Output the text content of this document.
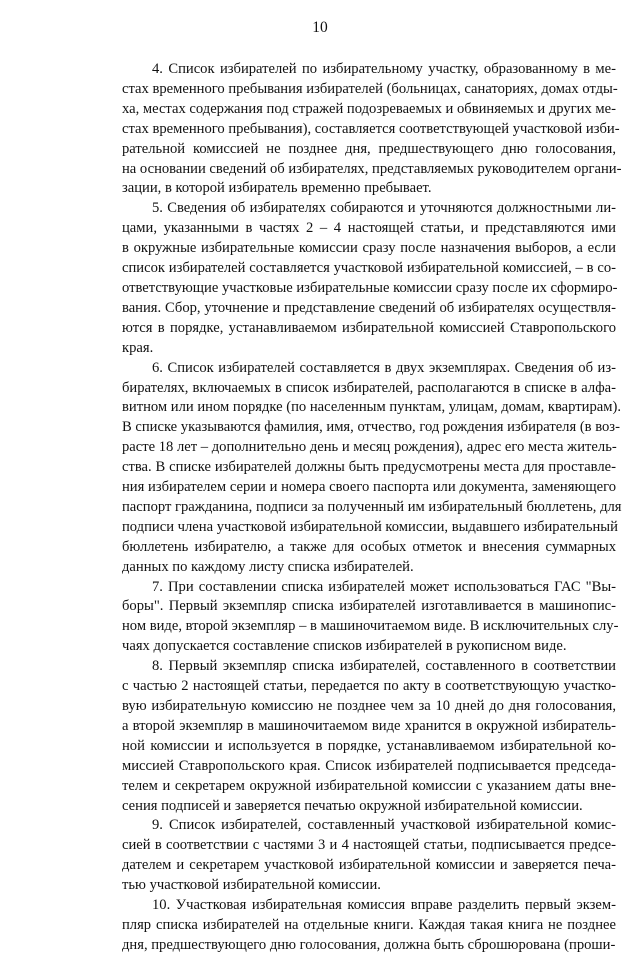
10
4. Список избирателей по избирательному участку, образованному в ме-
стах временного пребывания избирателей (больницах, санаториях, домах отды-
ха, местах содержания под стражей подозреваемых и обвиняемых и других ме-
стах временного пребывания), составляется соответствующей участковой изби-
рательной комиссией не позднее дня, предшествующего дню голосования,
на основании сведений об избирателях, представляемых руководителем органи-
зации, в которой избиратель временно пребывает.
5. Сведения об избирателях собираются и уточняются должностными ли-
цами, указанными в частях 2 – 4 настоящей статьи, и представляются ими
в окружные избирательные комиссии сразу после назначения выборов, а если
список избирателей составляется участковой избирательной комиссией, – в со-
ответствующие участковые избирательные комиссии сразу после их сформиро-
вания. Сбор, уточнение и представление сведений об избирателях осуществля-
ются в порядке, устанавливаемом избирательной комиссией Ставропольского
края.
6. Список избирателей составляется в двух экземплярах. Сведения об из-
бирателях, включаемых в список избирателей, располагаются в списке в алфа-
витном или ином порядке (по населенным пунктам, улицам, домам, квартирам).
В списке указываются фамилия, имя, отчество, год рождения избирателя (в воз-
расте 18 лет – дополнительно день и месяц рождения), адрес его места житель-
ства. В списке избирателей должны быть предусмотрены места для проставле-
ния избирателем серии и номера своего паспорта или документа, заменяющего
паспорт гражданина, подписи за полученный им избирательный бюллетень, для
подписи члена участковой избирательной комиссии, выдавшего избирательный
бюллетень избирателю, а также для особых отметок и внесения суммарных
данных по каждому листу списка избирателей.
7. При составлении списка избирателей может использоваться ГАС "Вы-
боры". Первый экземпляр списка избирателей изготавливается в машинопис-
ном виде, второй экземпляр – в машиночитаемом виде. В исключительных слу-
чаях допускается составление списков избирателей в рукописном виде.
8. Первый экземпляр списка избирателей, составленного в соответствии
с частью 2 настоящей статьи, передается по акту в соответствующую участко-
вую избирательную комиссию не позднее чем за 10 дней до дня голосования,
а второй экземпляр в машиночитаемом виде хранится в окружной избиратель-
ной комиссии и используется в порядке, устанавливаемом избирательной ко-
миссией Ставропольского края. Список избирателей подписывается председа-
телем и секретарем окружной избирательной комиссии с указанием даты вне-
сения подписей и заверяется печатью окружной избирательной комиссии.
9. Список избирателей, составленный участковой избирательной комис-
сией в соответствии с частями 3 и 4 настоящей статьи, подписывается предсе-
дателем и секретарем участковой избирательной комиссии и заверяется печа-
тью участковой избирательной комиссии.
10. Участковая избирательная комиссия вправе разделить первый экзем-
пляр списка избирателей на отдельные книги. Каждая такая книга не позднее
дня, предшествующего дню голосования, должна быть сброшюрована (проши-
